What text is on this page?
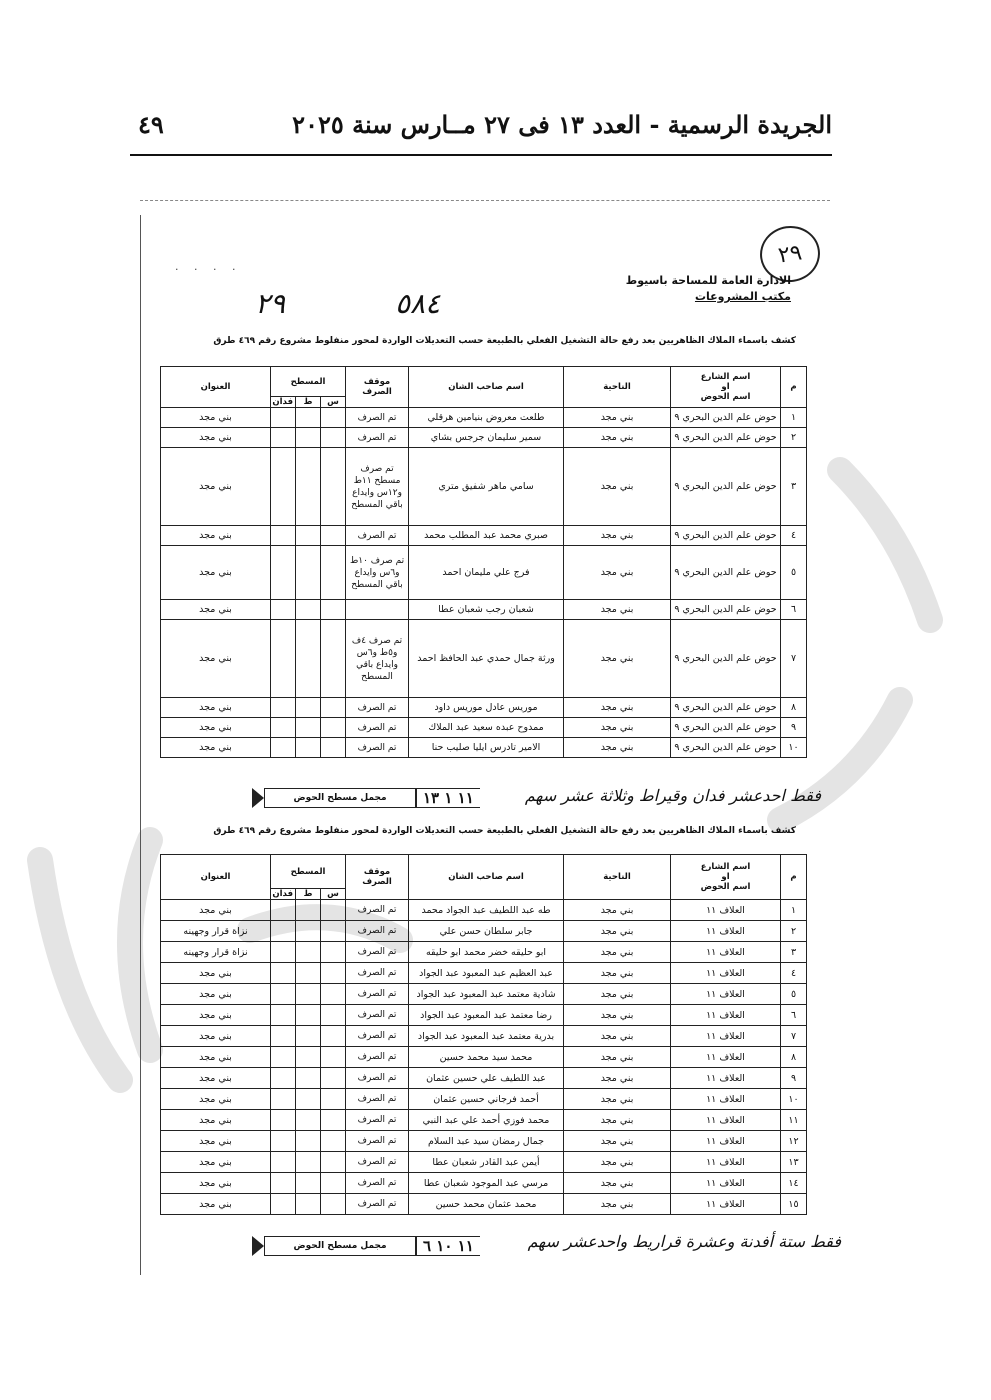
الجريدة الرسمية - العدد ١٣ فى ٢٧ مــارس سنة ٢٠٢٥
٤٩
· · · ·
٢٩
الادارة العامة للمساحة باسيوط
مكتب المشروعات
٢٩	٥٨٤
كشف باسماء الملاك الظاهريين بعد رفع حالة التشغيل الفعلي بالطبيعة حسب التعديلات الواردة لمحور منفلوط مشروع رقم ٤٦٩ طرق
م	اسم الشارع
او
اسم الحوض	الناحية	اسم صاحب الشان	موقف الصرف	المسطح			العنوان
					س	ط	فدان	
١	حوض علم الدين البحري ٩	بني مجد	طلعت معروض بنيامين هرقلي	تم الصرف				بني مجد
٢	حوض علم الدين البحري ٩	بني مجد	سمير سليمان جرجس بشاي	تم الصرف				بني مجد
٣	حوض علم الدين البحري ٩	بني مجد	سامي ماهر شفيق متري	تم صرف مسطح ١١ط و١٢س وايداع باقي المسطح				بني مجد
٤	حوض علم الدين البحري ٩	بني مجد	صبري محمد عبد المطلب محمد	تم الصرف				بني مجد
٥	حوض علم الدين البحري ٩	بني مجد	فرج علي مليمان احمد	تم صرف ١٠ط و٦س وايداع باقي المسطح				بني مجد
٦	حوض علم الدين البحري ٩	بني مجد	شعبان رجب شعبان عطا					بني مجد
٧	حوض علم الدين البحري ٩	بني مجد	ورثة جمال حمدي عبد الحافظ احمد	تم صرف ٤ف و٥ط و٦س وايداع باقي المسطح				بني مجد
٨	حوض علم الدين البحري ٩	بني مجد	موريس عادل موريس داود	تم الصرف				بني مجد
٩	حوض علم الدين البحري ٩	بني مجد	ممدوح عبده سعيد عبد الملاك	تم الصرف				بني مجد
١٠	حوض علم الدين البحري ٩	بني مجد	الامير تادرس ايليا صليب حنا	تم الصرف				بني مجد
١١ ١ ١٣
مجمل مسطح الحوض	فقط احدعشر فدان وقيراط وثلاثة عشر سهم
كشف باسماء الملاك الظاهريين بعد رفع حالة التشغيل الفعلي بالطبيعة حسب التعديلات الواردة لمحور منفلوط مشروع رقم ٤٦٩ طرق
م	اسم الشارع
او
اسم الحوض	الناحية	اسم صاحب الشان	موقف الصرف	المسطح			العنوان
					س	ط	فدان	
١	العلاف ١١	بني مجد	طه عبد اللطيف عبد الجواد محمد	تم الصرف				بني مجد
٢	العلاف ١١	بني مجد	جابر سلطان حسن علي	تم الصرف				نزاة قرار وجهينه
٣	العلاف ١١	بني مجد	ابو حليقه خضر محمد ابو حليقه	تم الصرف				نزاة قرار وجهينه
٤	العلاف ١١	بني مجد	عبد العظيم عبد المعبود عبد الجواد	تم الصرف				بني مجد
٥	العلاف ١١	بني مجد	شادية معتمد عبد المعبود عبد الجواد	تم الصرف				بني مجد
٦	العلاف ١١	بني مجد	رضا معتمد عبد المعبود عبد الجواد	تم الصرف				بني مجد
٧	العلاف ١١	بني مجد	بدرية معتمد عبد المعبود عبد الجواد	تم الصرف				بني مجد
٨	العلاف ١١	بني مجد	محمد سيد محمد حسين	تم الصرف				بني مجد
٩	العلاف ١١	بني مجد	عبد اللطيف علي حسين عثمان	تم الصرف				بني مجد
١٠	العلاف ١١	بني مجد	أحمد فرجاني حسين عثمان	تم الصرف				بني مجد
١١	العلاف ١١	بني مجد	محمد فوزي أحمد علي عبد النبي	تم الصرف				بني مجد
١٢	العلاف ١١	بني مجد	جمال رمضان سيد عبد السلام	تم الصرف				بني مجد
١٣	العلاف ١١	بني مجد	أيمن عبد القادر شعبان عطا	تم الصرف				بني مجد
١٤	العلاف ١١	بني مجد	مرسي عبد الموجود شعبان عطا	تم الصرف				بني مجد
١٥	العلاف ١١	بني مجد	محمد عثمان محمد حسين	تم الصرف				بني مجد
١١ ١٠ ٦
مجمل مسطح الحوض	فقط ستة أفدنة وعشرة قراريط واحدعشر سهم
